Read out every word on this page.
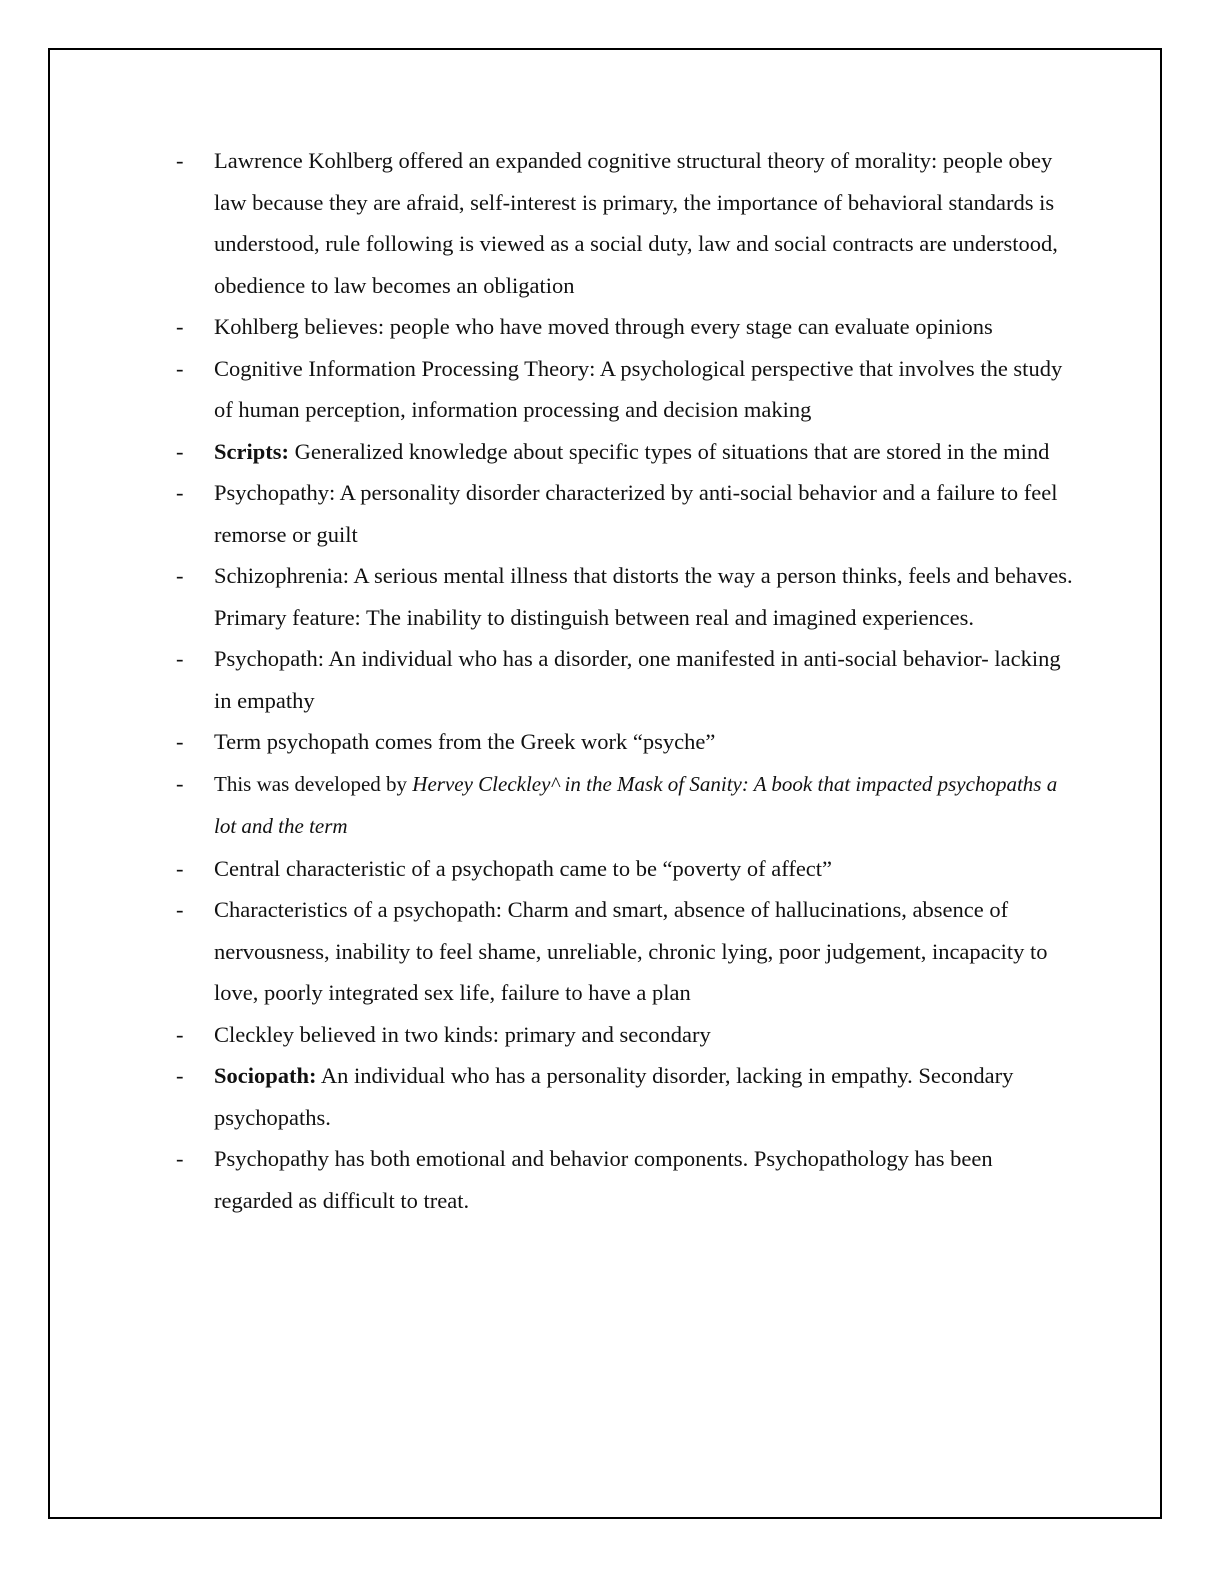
-	Lawrence Kohlberg offered an expanded cognitive structural theory of morality: people obey law because they are afraid, self-interest is primary, the importance of behavioral standards is understood, rule following is viewed as a social duty, law and social contracts are understood, obedience to law becomes an obligation
-	Kohlberg believes: people who have moved through every stage can evaluate opinions
-	Cognitive Information Processing Theory: A psychological perspective that involves the study of human perception, information processing and decision making
-	Scripts: Generalized knowledge about specific types of situations that are stored in the mind
-	Psychopathy: A personality disorder characterized by anti-social behavior and a failure to feel remorse or guilt
-	Schizophrenia: A serious mental illness that distorts the way a person thinks, feels and behaves. Primary feature: The inability to distinguish between real and imagined experiences.
-	Psychopath: An individual who has a disorder, one manifested in anti-social behavior- lacking in empathy
-	Term psychopath comes from the Greek work “psyche”
-	This was developed by Hervey Cleckley^ in the Mask of Sanity: A book that impacted psychopaths a lot and the term
-	Central characteristic of a psychopath came to be “poverty of affect”
-	Characteristics of a psychopath: Charm and smart, absence of hallucinations, absence of nervousness, inability to feel shame, unreliable, chronic lying, poor judgement, incapacity to love, poorly integrated sex life, failure to have a plan
-	Cleckley believed in two kinds: primary and secondary
-	Sociopath: An individual who has a personality disorder, lacking in empathy. Secondary psychopaths.
-	Psychopathy has both emotional and behavior components. Psychopathology has been regarded as difficult to treat.
